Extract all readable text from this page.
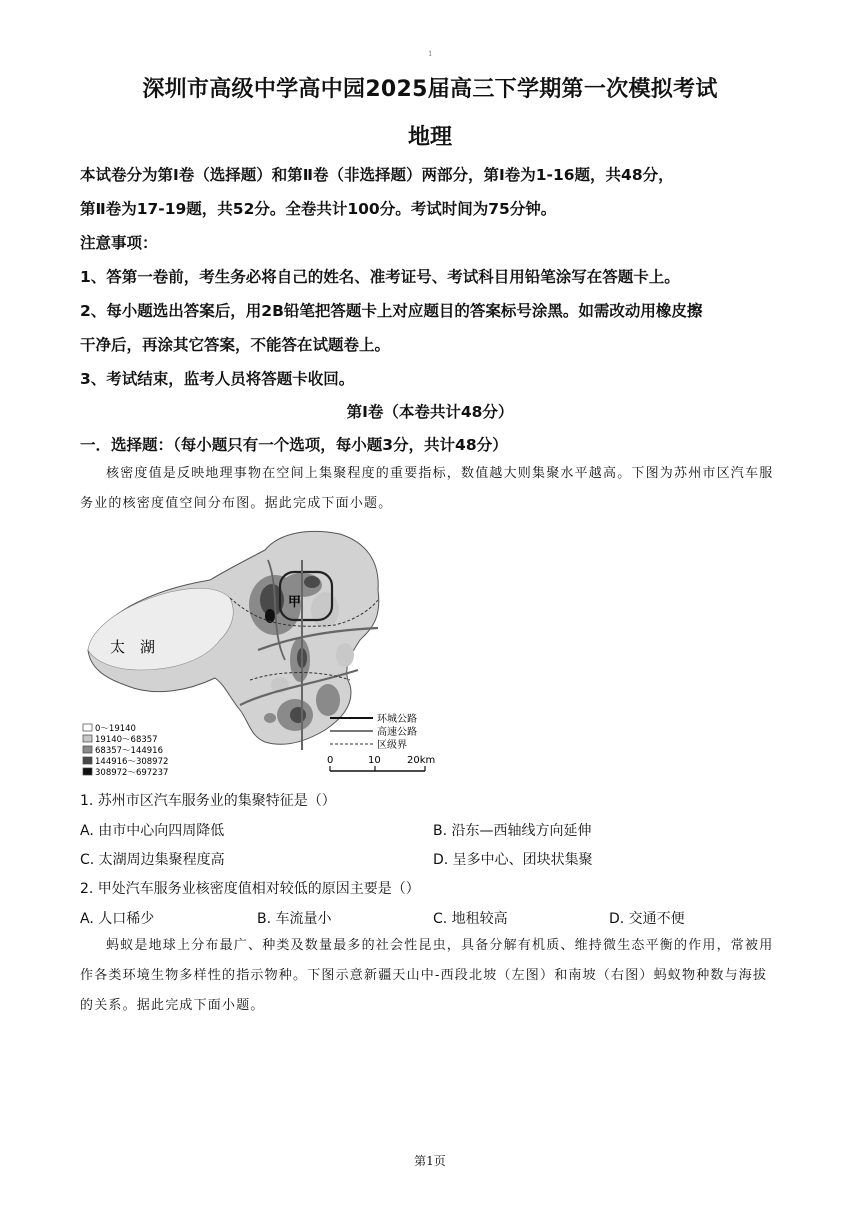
1
深圳市高级中学高中园2025届高三下学期第一次模拟考试
地理
本试卷分为第Ⅰ卷（选择题）和第Ⅱ卷（非选择题）两部分，第Ⅰ卷为1-16题，共48分，
第Ⅱ卷为17-19题，共52分。全卷共计100分。考试时间为75分钟。
注意事项：
1、答第一卷前，考生务必将自己的姓名、准考证号、考试科目用铅笔涂写在答题卡上。
2、每小题选出答案后，用2B铅笔把答题卡上对应题目的答案标号涂黑。如需改动用橡皮擦
干净后，再涂其它答案，不能答在试题卷上。
3、考试结束，监考人员将答题卡收回。
第Ⅰ卷（本卷共计48分）
一．选择题：（每小题只有一个选项，每小题3分，共计48分）

核密度值是反映地理事物在空间上集聚程度的重要指标，数值越大则集聚水平越高。下图为苏州市区汽车服务业的核密度值空间分布图。据此完成下面小题。

太　湖
甲
0～19140
19140～68357
68357～144916
144916～308972
308972～697237
环城公路
高速公路
区级界
0	10	20km
1. 苏州市区汽车服务业的集聚特征是（）
A. 由市中心向四周降低	B. 沿东—西轴线方向延伸
C. 太湖周边集聚程度高	D. 呈多中心、团块状集聚
2. 甲处汽车服务业核密度值相对较低的原因主要是（）
A. 人口稀少	B. 车流量小	C. 地租较高	D. 交通不便

蚂蚁是地球上分布最广、种类及数量最多的社会性昆虫，具备分解有机质、维持微生态平衡的作用，常被用作各类环境生物多样性的指示物种。下图示意新疆天山中-西段北坡（左图）和南坡（右图）蚂蚁物种数与海拔的关系。据此完成下面小题。

第1页
